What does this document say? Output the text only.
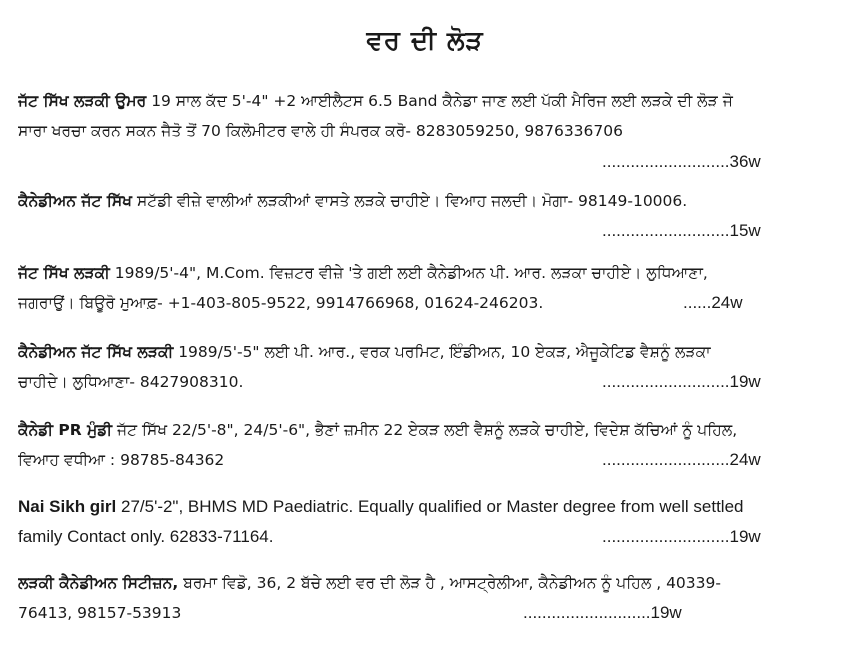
ਵਰ ਦੀ ਲੋੜ
ਜੱਟ ਸਿੱਖ ਲੜਕੀ ਉਮਰ 19 ਸਾਲ ਕੱਦ 5'-4" +2 ਆਈਲੈਟਸ 6.5 Band ਕੈਨੇਡਾ ਜਾਣ ਲਈ ਪੱਕੀ ਮੈਰਿਜ ਲਈ ਲੜਕੇ ਦੀ ਲੋੜ ਜੋ
ਸਾਰਾ ਖਰਚਾ ਕਰਨ ਸਕਨ ਜੈਤੋ ਤੋਂ 70 ਕਿਲੋਮੀਟਰ ਵਾਲੇ ਹੀ ਸੰਪਰਕ ਕਰੋ- 8283059250, 9876336706
...........................36w
ਕੈਨੇਡੀਅਨ ਜੱਟ ਸਿੱਖ ਸਟੱਡੀ ਵੀਜ਼ੇ ਵਾਲੀਆਂ ਲੜਕੀਆਂ ਵਾਸਤੇ ਲੜਕੇ ਚਾਹੀਏ। ਵਿਆਹ ਜਲਦੀ। ਮੋਗਾ- 98149-10006.
...........................15w
ਜੱਟ ਸਿੱਖ ਲੜਕੀ 1989/5'-4", M.Com. ਵਿਜ਼ਟਰ ਵੀਜ਼ੇ 'ਤੇ ਗਈ ਲਈ ਕੈਨੇਡੀਅਨ ਪੀ. ਆਰ. ਲੜਕਾ ਚਾਹੀਏ। ਲੁਧਿਆਣਾ,
ਜਗਰਾਉਂ। ਬਿਊਰੋ ਮੁਆਫ਼- +1-403-805-9522, 9914766968, 01624-246203.	......24w
ਕੈਨੇਡੀਅਨ ਜੱਟ ਸਿੱਖ ਲੜਕੀ 1989/5'-5" ਲਈ ਪੀ. ਆਰ., ਵਰਕ ਪਰਮਿਟ, ਇੰਡੀਅਨ, 10 ਏਕੜ, ਐਜੂਕੇਟਿਡ ਵੈਸ਼ਨੂੰ ਲੜਕਾ
ਚਾਹੀਦੇ। ਲੁਧਿਆਣਾ- 8427908310.	...........................19w
ਕੈਨੇਡੀ PR ਮੁੰਡੀ ਜੱਟ ਸਿੱਖ 22/5'-8", 24/5'-6", ਭੈਣਾਂ ਜ਼ਮੀਨ 22 ਏਕੜ ਲਈ ਵੈਸ਼ਨੂੰ ਲੜਕੇ ਚਾਹੀਏ, ਵਿਦੇਸ਼ ਕੱਚਿਆਂ ਨੂੰ ਪਹਿਲ,
ਵਿਆਹ ਵਧੀਆ : 98785-84362	...........................24w
Nai Sikh girl 27/5'-2", BHMS MD Paediatric. Equally qualified or Master degree from well settled
family Contact only. 62833-71164.	...........................19w
ਲੜਕੀ ਕੈਨੇਡੀਅਨ ਸਿਟੀਜ਼ਨ, ਬਰਮਾ ਵਿਡੋ, 36, 2 ਬੱਚੇ ਲਈ ਵਰ ਦੀ ਲੋੜ ਹੈ , ਆਸਟ੍ਰੇਲੀਆ, ਕੈਨੇਡੀਅਨ ਨੂੰ ਪਹਿਲ , 40339-
76413, 98157-53913	...........................19w
